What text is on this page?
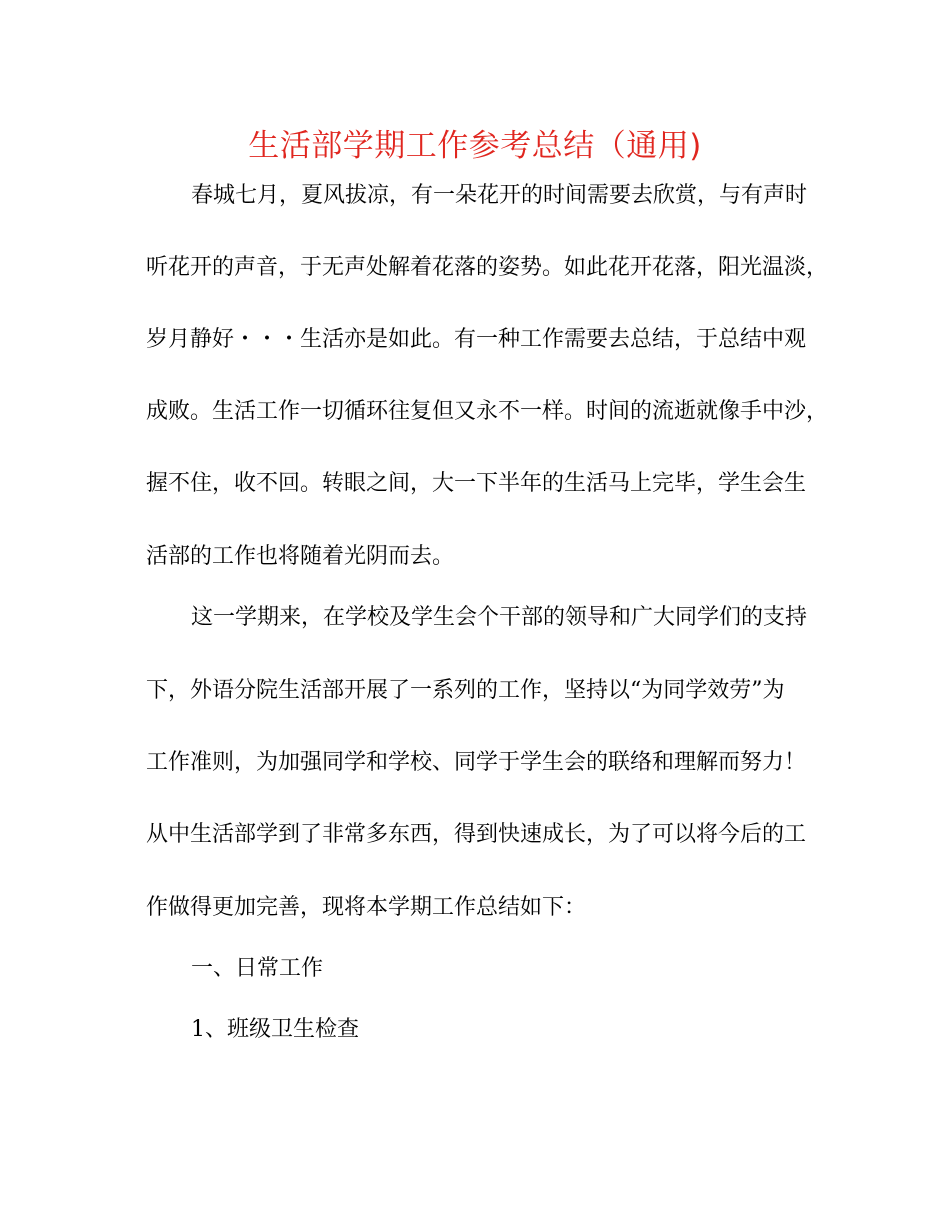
生活部学期工作参考总结（通用)
春城七月，夏风拔凉，有一朵花开的时间需要去欣赏，与有声时
听花开的声音，于无声处解着花落的姿势。如此花开花落，阳光温淡，
岁月静好・・・生活亦是如此。有一种工作需要去总结，于总结中观
成败。生活工作一切循环往复但又永不一样。时间的流逝就像手中沙，
握不住，收不回。转眼之间，大一下半年的生活马上完毕，学生会生
活部的工作也将随着光阴而去。
这一学期来，在学校及学生会个干部的领导和广大同学们的支持
下，外语分院生活部开展了一系列的工作，坚持以“为同学效劳”为
工作准则，为加强同学和学校、同学于学生会的联络和理解而努力！
从中生活部学到了非常多东西，得到快速成长，为了可以将今后的工
作做得更加完善，现将本学期工作总结如下：
一、日常工作
1、班级卫生检查
